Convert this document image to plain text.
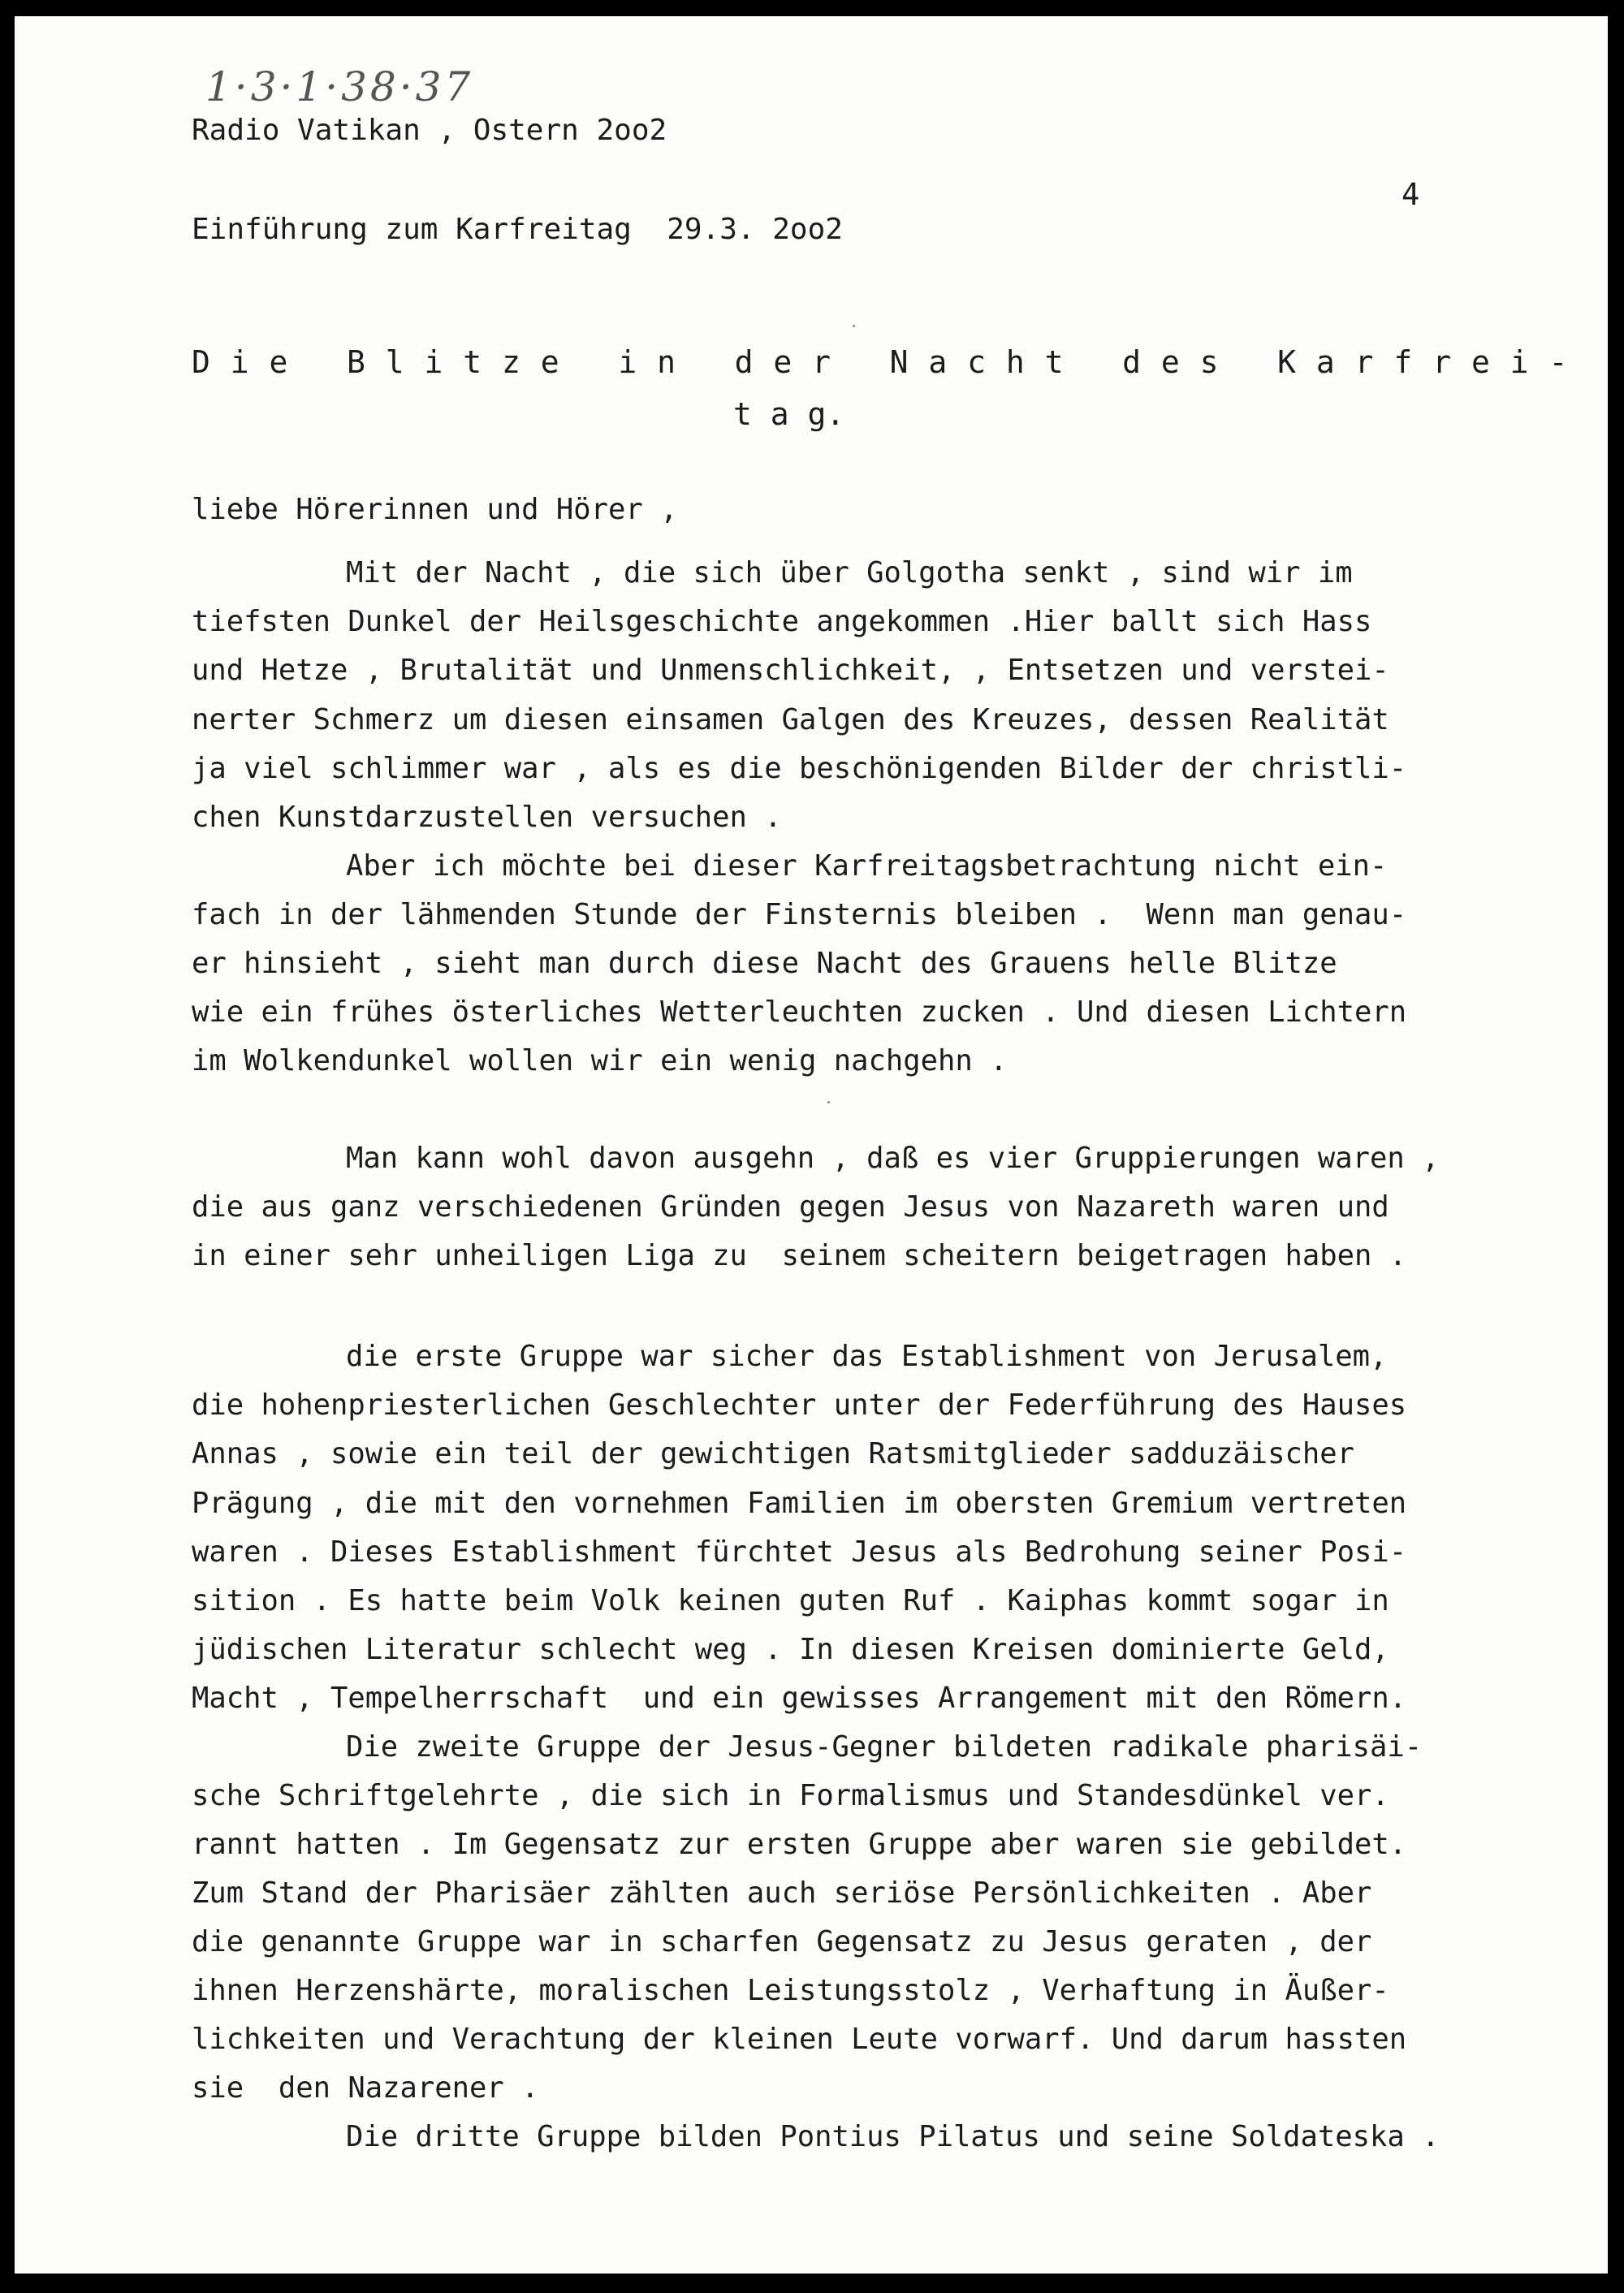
1·3·1·38·37
Radio Vatikan , Ostern 2oo2
4
Einführung zum Karfreitag  29.3. 2oo2
D i e   B l i t z e   i n   d e r   N a c h t   d e s   K a r f r e i -
t a g.
liebe Hörerinnen und Hörer ,
Mit der Nacht , die sich über Golgotha senkt , sind wir im
tiefsten Dunkel der Heilsgeschichte angekommen .Hier ballt sich Hass
und Hetze , Brutalität und Unmenschlichkeit, , Entsetzen und verstei-
nerter Schmerz um diesen einsamen Galgen des Kreuzes, dessen Realität
ja viel schlimmer war , als es die beschönigenden Bilder der christli-
chen Kunstdarzustellen versuchen .
Aber ich möchte bei dieser Karfreitagsbetrachtung nicht ein-
fach in der lähmenden Stunde der Finsternis bleiben .  Wenn man genau-
er hinsieht , sieht man durch diese Nacht des Grauens helle Blitze
wie ein frühes österliches Wetterleuchten zucken . Und diesen Lichtern
im Wolkendunkel wollen wir ein wenig nachgehn .
Man kann wohl davon ausgehn , daß es vier Gruppierungen waren ,
die aus ganz verschiedenen Gründen gegen Jesus von Nazareth waren und
in einer sehr unheiligen Liga zu  seinem scheitern beigetragen haben .
die erste Gruppe war sicher das Establishment von Jerusalem,
die hohenpriesterlichen Geschlechter unter der Federführung des Hauses
Annas , sowie ein teil der gewichtigen Ratsmitglieder sadduzäischer
Prägung , die mit den vornehmen Familien im obersten Gremium vertreten
waren . Dieses Establishment fürchtet Jesus als Bedrohung seiner Posi-
sition . Es hatte beim Volk keinen guten Ruf . Kaiphas kommt sogar in
jüdischen Literatur schlecht weg . In diesen Kreisen dominierte Geld,
Macht , Tempelherrschaft  und ein gewisses Arrangement mit den Römern.
Die zweite Gruppe der Jesus-Gegner bildeten radikale pharisäi-
sche Schriftgelehrte , die sich in Formalismus und Standesdünkel ver.
rannt hatten . Im Gegensatz zur ersten Gruppe aber waren sie gebildet.
Zum Stand der Pharisäer zählten auch seriöse Persönlichkeiten . Aber
die genannte Gruppe war in scharfen Gegensatz zu Jesus geraten , der
ihnen Herzenshärte, moralischen Leistungsstolz , Verhaftung in Äußer-
lichkeiten und Verachtung der kleinen Leute vorwarf. Und darum hassten
sie  den Nazarener .
Die dritte Gruppe bilden Pontius Pilatus und seine Soldateska .
